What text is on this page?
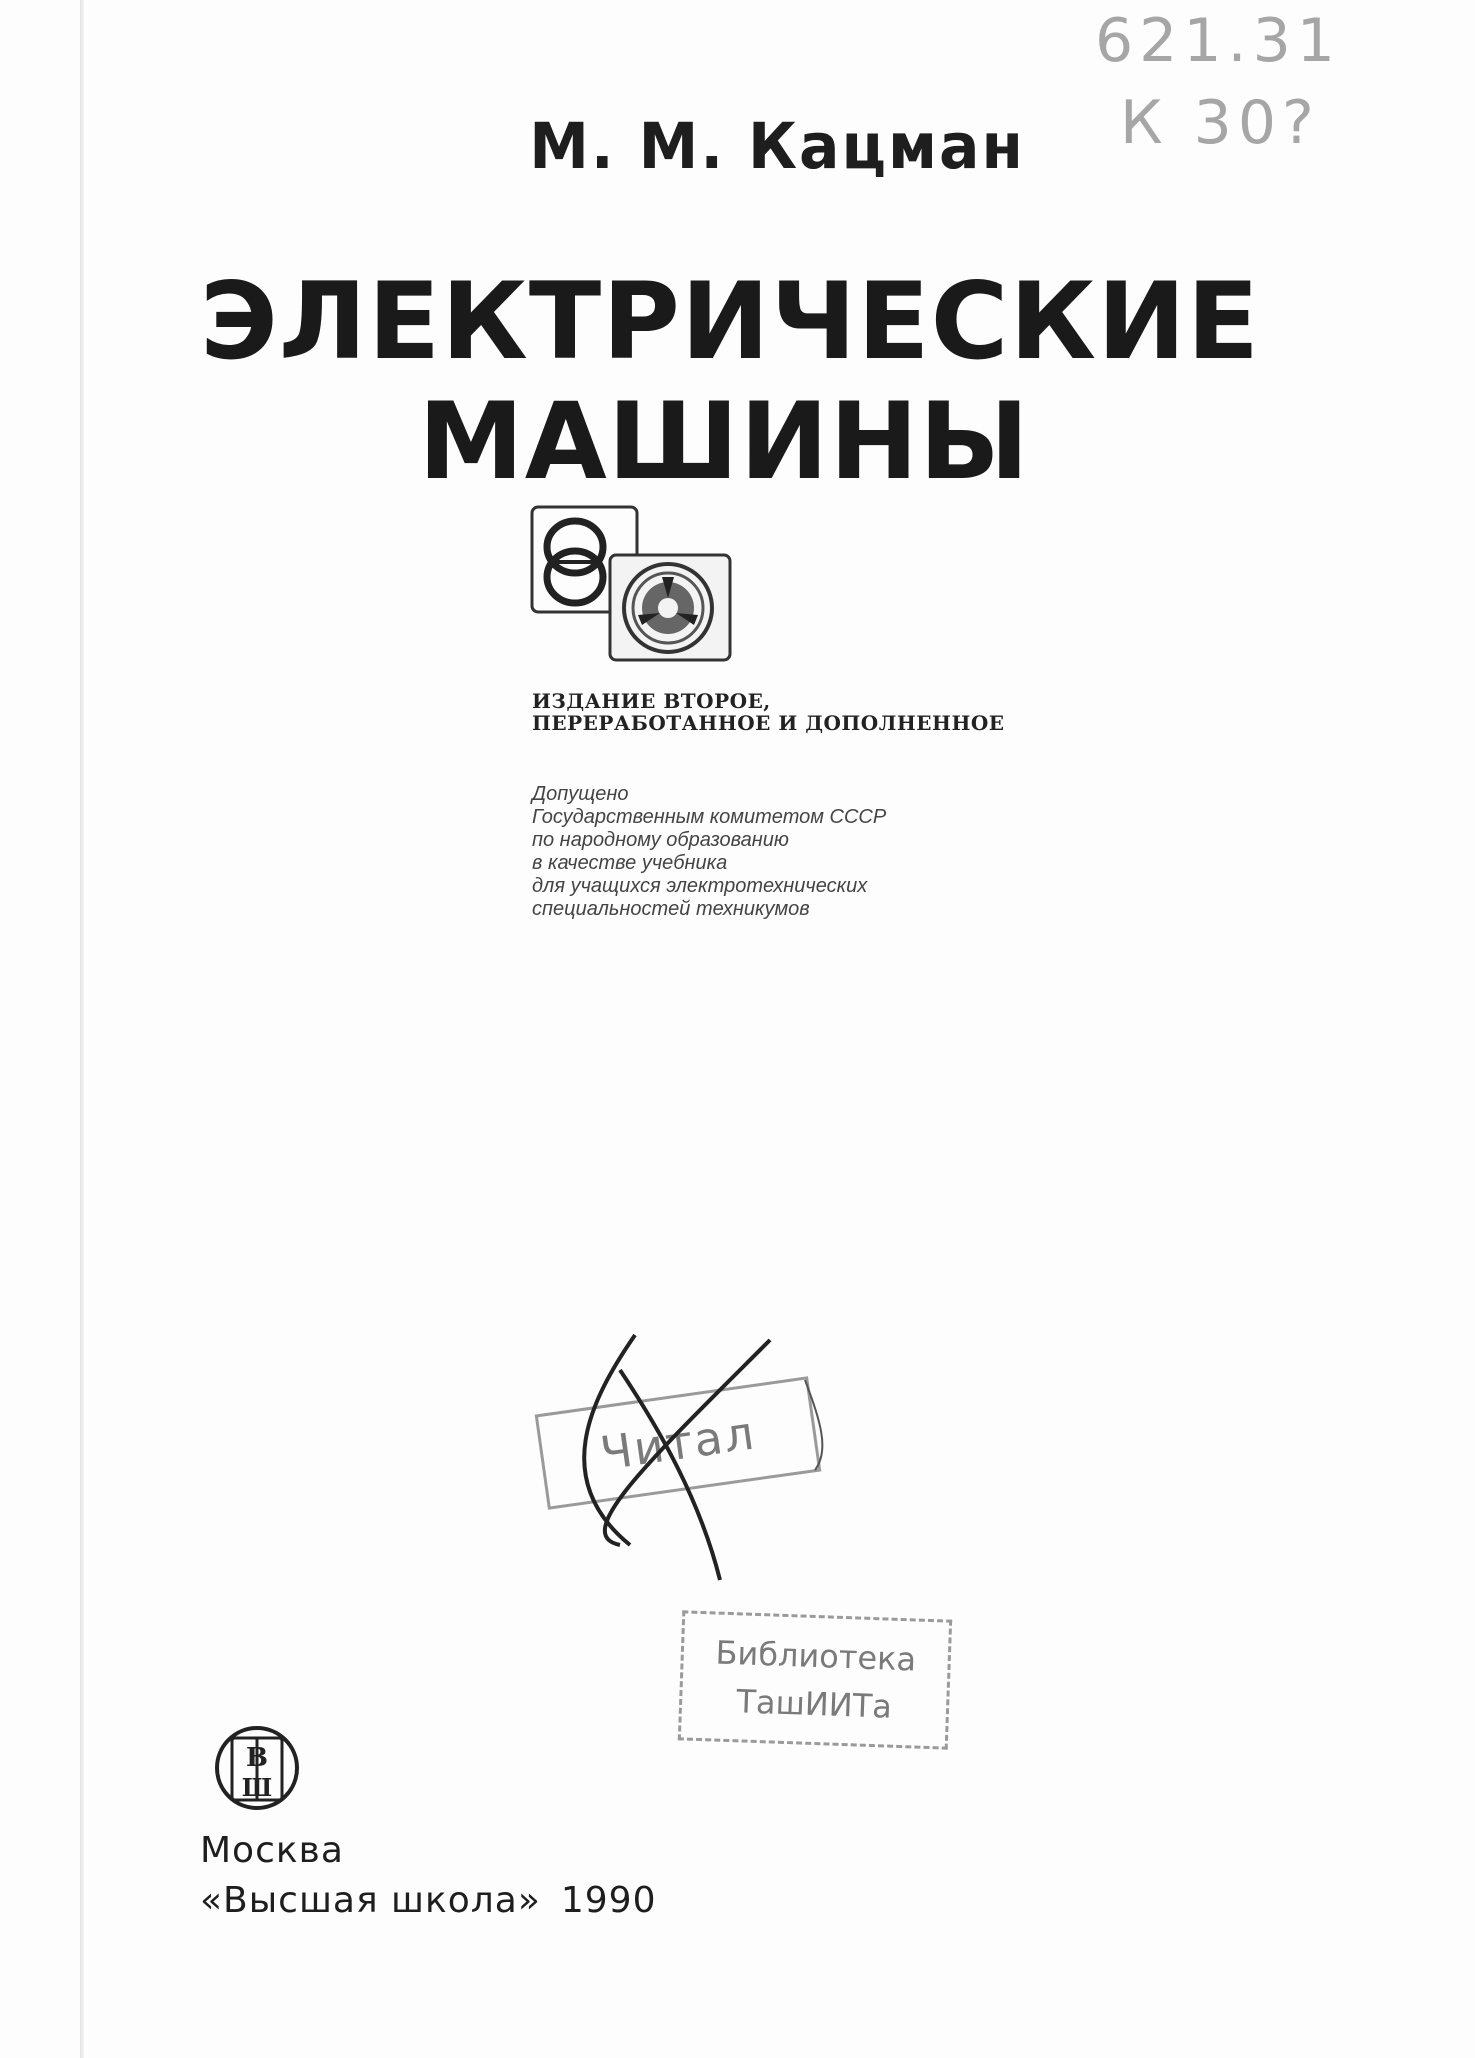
621.31
К 30?
М. М. Кацман
ЭЛЕКТРИЧЕСКИЕ
МАШИНЫ
ИЗДАНИЕ ВТОРОЕ,
ПЕРЕРАБОТАННОЕ И ДОПОЛНЕННОЕ
Допущено
Государственным комитетом СССР
по народному образованию
в качестве учебника
для учащихся электротехнических
специальностей техникумов
Читал
Библиотека
ТашИИТа
В
Ш
Москва
«Высшая школа» 1990
